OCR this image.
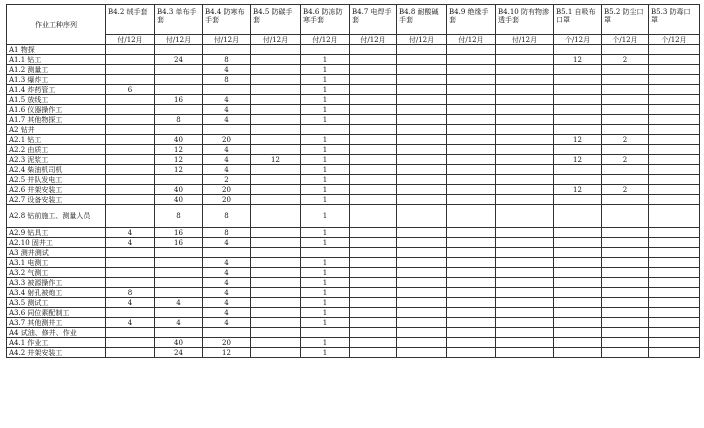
作业工种序列	B4.2 绒手套	B4.3 单布手套	B4.4 防寒布手套	B4.5 防碳手套	B4.6 防冻防寒手套	B4.7 电焊手套	B4.8 耐酸碱手套	B4.9 绝缘手套	B4.10 防有物渗透手套	B5.1 自吸布口罩	B5.2 防尘口罩	B5.3 防毒口罩
	付/12月	付/12月	付/12月	付/12月	付/12月	付/12月	付/12月	付/12月	付/12月	个/12月	个/12月	个/12月
A1 物探												
A1.1 钻工		24	8		1					12	2	
A1.2 测量工			4		1							
A1.3 爆炸工			8		1							
A1.4 炸药管工	6				1							
A1.5 放线工		16	4		1							
A1.6 仪器操作工			4		1							
A1.7 其他物探工		8	4		1							
A2 钻井												
A2.1 钻工		40	20		1					12	2	
A2.2 由质工		12	4		1							
A2.3 泥浆工		12	4	12	1					12	2	
A2.4 柴油机司机		12	4		1							
A2.5 井队发电工			2		1							
A2.6 井架安装工		40	20		1					12	2	
A2.7 设备安装工		40	20		1							
A2.8 钻前施工、测量人员		8	8		1							
A2.9 钻具工	4	16	8		1							
A2.10 固井工	4	16	4		1							
A3 测井测试												
A3.1 电测工			4		1							
A3.2 气测工			4		1							
A3.3 被源操作工			4		1							
A3.4 射孔被炮工	8		4		1							
A3.5 测试工	4	4	4		1							
A3.6 同位素配制工			4		1							
A3.7 其他测井工	4	4	4		1							
A4 试油、修井、作业												
A4.1 作业工		40	20		1							
A4.2 井架安装工		24	12		1							
